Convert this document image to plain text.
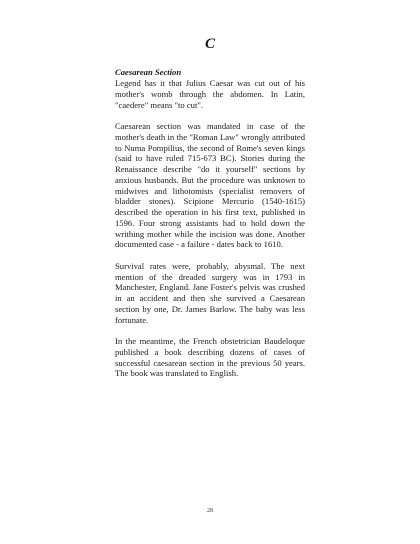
C
Caesarean Section

Legend has it that Julius Caesar was cut out of his mother's womb through the abdomen. In Latin, "caedere" means "to cut".

Caesarean section was mandated in case of the mother's death in the "Roman Law" wrongly attributed to Numa Pompilius, the second of Rome's seven kings (said to have ruled 715-673 BC). Stories during the Renaissance describe "do it yourself" sections by anxious husbands. But the procedure was unknown to midwives and lithotomists (specialist removers of bladder stones). Scipione Mercurio (1540-1615) described the operation in his first text, published in 1596. Four strong assistants had to hold down the writhing mother while the incision was done. Another documented case - a failure - dates back to 1610.

Survival rates were, probably, abysmal. The next mention of the dreaded surgery was in 1793 in Manchester, England. Jane Foster's pelvis was crushed in an accident and then she survived a Caesarean section by one, Dr. James Barlow. The baby was less fortunate.

In the meantime, the French obstetrician Baudeloque published a book describing dozens of cases of successful caesarean section in the previous 50 years. The book was translated to English.

28
